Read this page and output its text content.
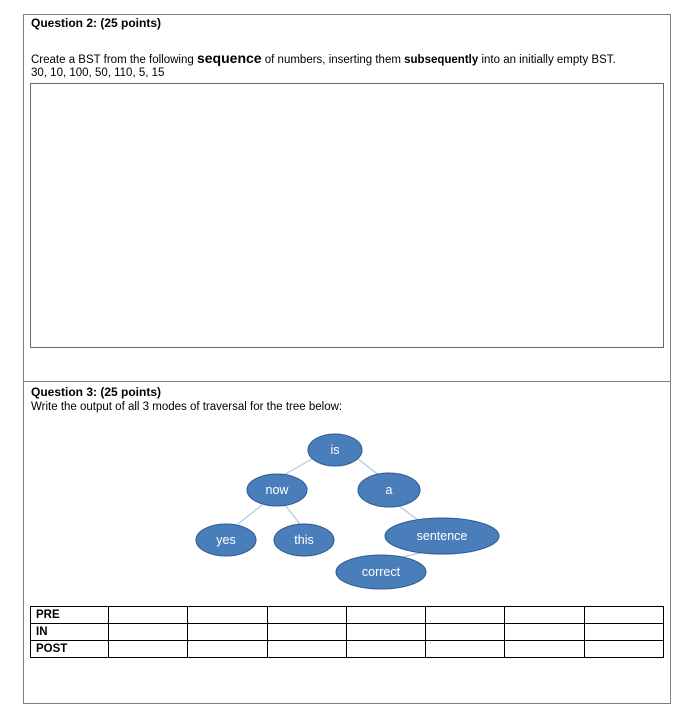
Question 2: (25 points)
Create a BST from the following sequence of numbers, inserting them subsequently into an initially empty BST.
30, 10, 100, 50, 110, 5, 15
Question 3: (25 points)
Write the output of all 3 modes of traversal for the tree below:
is
now	a
yes	this	sentence
correct
PRE							
IN							
POST							
